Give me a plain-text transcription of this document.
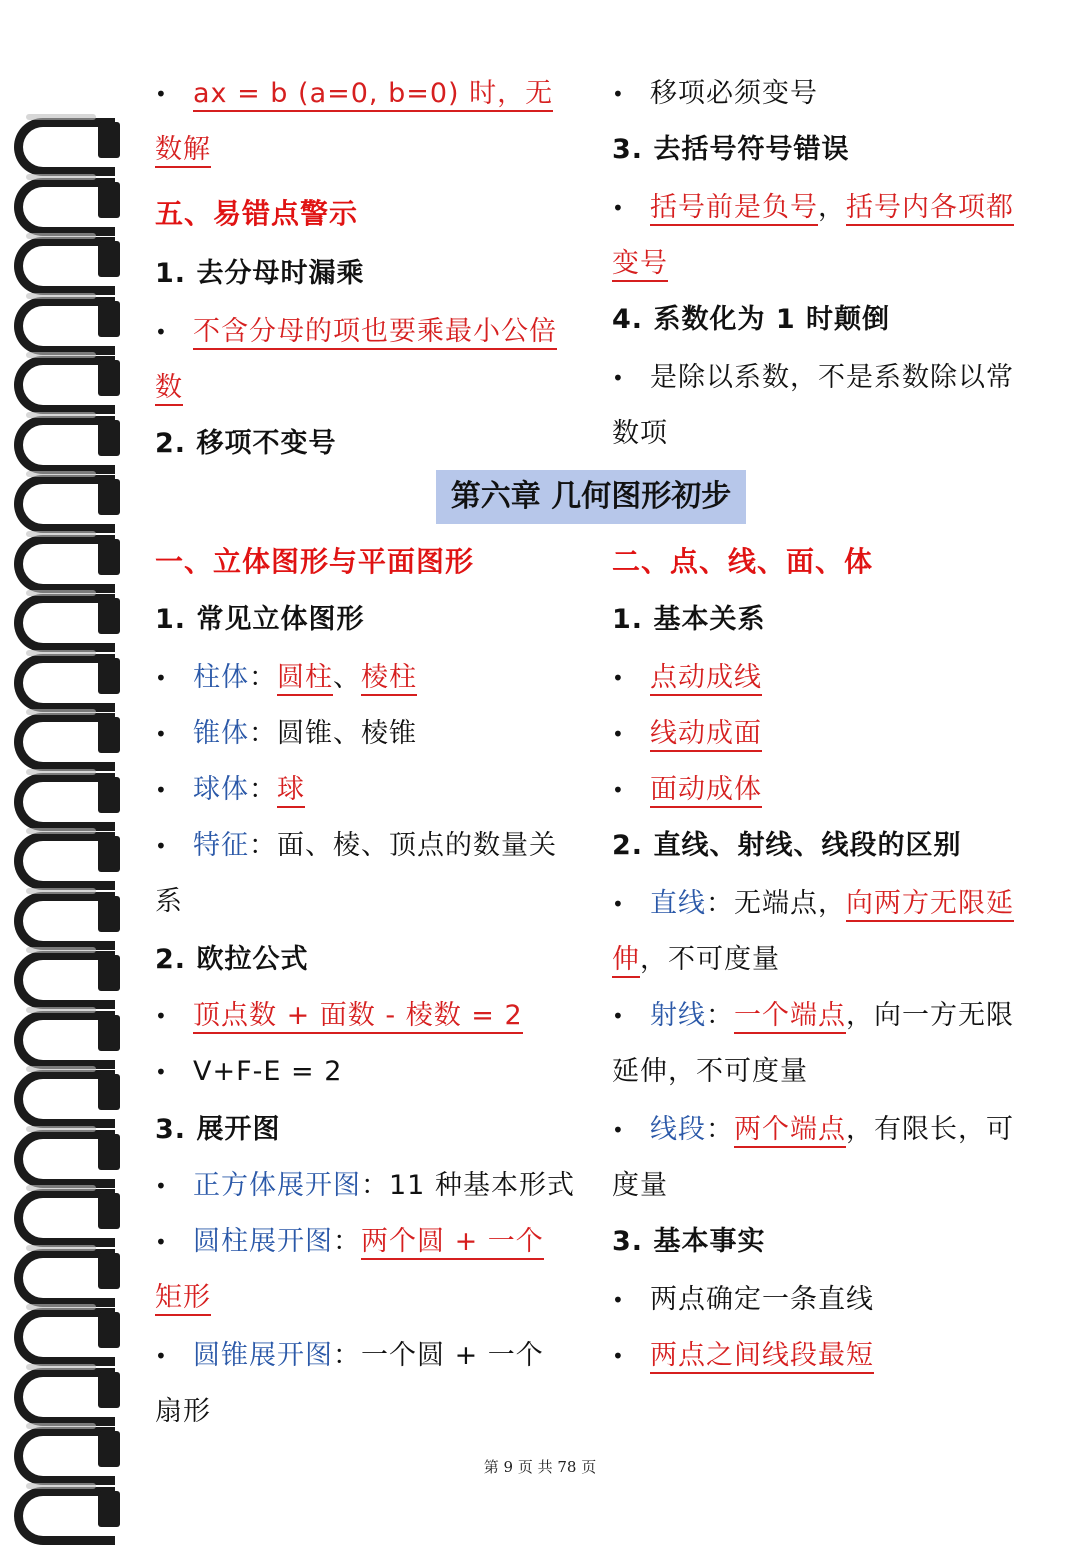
• ax = b (a=0, b=0) 时，无
数解
五、易错点警示
1. 去分母时漏乘
• 不含分母的项也要乘最小公倍
数
2. 移项不变号
• 移项必须变号
3. 去括号符号错误
• 括号前是负号，括号内各项都
变号
4. 系数化为 1 时颠倒
• 是除以系数，不是系数除以常
数项
第六章 几何图形初步
一、立体图形与平面图形
1. 常见立体图形
• 柱体：圆柱、棱柱
• 锥体：圆锥、棱锥
• 球体：球
• 特征：面、棱、顶点的数量关
系
2. 欧拉公式
• 顶点数 + 面数 - 棱数 = 2
• V+F-E = 2
3. 展开图
• 正方体展开图：11 种基本形式
• 圆柱展开图：两个圆 + 一个
矩形
• 圆锥展开图：一个圆 + 一个
扇形
二、点、线、面、体
1. 基本关系
• 点动成线
• 线动成面
• 面动成体
2. 直线、射线、线段的区别
• 直线：无端点，向两方无限延
伸，不可度量
• 射线：一个端点，向一方无限
延伸，不可度量
• 线段：两个端点，有限长，可
度量
3. 基本事实
• 两点确定一条直线
• 两点之间线段最短
第 9 页 共 78 页
